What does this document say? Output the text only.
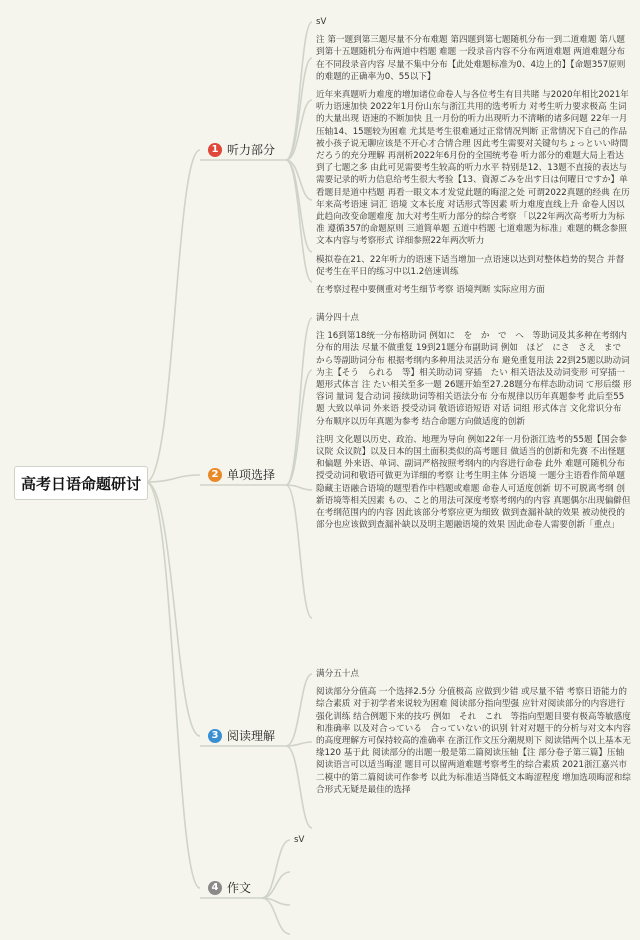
高考日语命题研讨
1 听力部分
2 单项选择
3 阅读理解
4 作文

sV

注 第一题到第三题尽量不分布难题 第四题到第七题随机分布一到二道难题 第八题到第十五题随机分布两道中档题 难题 一段录音内容不分布两道难题 两道难题分布在不同段录音内容 尽量不集中分布【此处难题标准为0、4边上的】【命题357原则的难题的正确率为0、55以下】

近年来真题听力难度的增加诸位命卷人与各位考生有目共睹 与2020年相比2021年听力语速加快 2022年1月份山东与浙江共用的选考听力 对考生听力要求极高 生词的大量出现 语速的不断加快 且一月份的听力出现听力不清晰的诸多问题 22年一月压轴14、15题较为困难 尤其是考生很难通过正常情况判断 正常情况下自己的作品被小孩子说无聊应该是不开心才合情合理 因此考生需要对关键句ちょっといい時間だろう的充分理解 再剖析2022年6月份的全国统考卷 听力部分的难题大局上看达到了七题之多 由此可见需要考生较高的听力水平 特别是12、13题不直接的表达与需要记录的听力信息给考生很大考验【13、資源ごみを出す日は何曜日ですか】单看题目是道中档题 再看一眼文本才发觉此题的晦涩之处 可谓2022真题的经典 在历年来高考语速 词汇 语境 文本长度 对话形式等因素 听力难度直线上升 命卷人因以此趋向改变命题难度 加大对考生听力部分的综合考察 「以22年两次高考听力为标准 遵循357的命题原则 三道简单题 五道中档题 七道难题为标准」难题的概念参照文本内容与考察形式 详细参照22年两次听力

模拟卷在21、22年听力的语速下适当增加一点语速以达到对整体趋势的契合 并督促考生在平日的练习中以1.2倍速训练

在考察过程中要侧重对考生细节考察 语境判断 实际应用方面

满分四十点

注 16到第18统一分布格助词 例如に　を　か　で　へ　等助词及其多种在考纲内分布的用法 尽量不做重复 19到21题分布副助词 例如　ほど　にさ　さえ　まで　から等副助词分布 根据考纲内多种用法灵活分布 避免重复用法 22到25题以助动词为主【そう　られる　等】相关助动词 穿插　たい 相关语法及动词变形 可穿插一题形式体言 注 たい相关至多一题 26题开始至27.28题分布样态助动词 て形后缀 形容词 量词 复合动词 接续助词等相关语法分布 分布规律以历年真题参考 此后至55题 大致以单词 外来语 授受动词 敬语谚语短语 对话 词组 形式体言 文化常识分布 分布顺序以历年真题为参考 结合命题方向做适度的创新

注明 文化题以历史、政治、地理为导向 例如22年一月份浙江选考的55题【国会参议院 众议院】以及日本的国土面积类似的高考题目 做适当的创新和先赛 不出怪题和偏题 外来语、单词、副词严格按照考纲内的内容进行命卷 此外 难题可随机分布 授受动词和敬语可做更为详细的考察 让考生明主体 分语境 一题分主语看作简单题 隐藏主语融合语境的题型看作中档题或难题 命卷人可适度创新 切不可脱离考纲 创新语境等相关因素 もの、こと的用法可深度考察考纲内的内容 真题偶尔出现偏僻但在考纲范围内的内容 因此该部分考察应更为细致 做到查漏补缺的效果 被动使役的部分也应该做到查漏补缺以及明主题融语境的效果 因此命卷人需要创新「重点」

满分五十点

阅读部分分值高 一个选择2.5分 分值极高 应做到少错 或尽量不错 考察日语能力的综合素质 对于初学者来说较为困难 阅读部分指向型强 应针对阅读部分的内容进行强化训练 结合例题下来的技巧 例如　それ　これ　等指向型题目要有极高等敏感度和准确率 以及对合っている　合っていない的识别 针对对题干的分析与对文本内容的高度理解方可保持较高的准确率 在浙江作文压分潮规则下 阅读错两个以上基本无缘120 基于此 阅读部分的出题一般是第二篇阅读压轴【注 部分卷子第三篇】压轴阅读语言可以适当晦涩 题目可以留两道难题考察考生的综合素质 2021浙江嘉兴市二模中的第二篇阅读可作参考 以此为标准适当降低文本晦涩程度 增加选项晦涩和综合形式无疑是最佳的选择

sV
